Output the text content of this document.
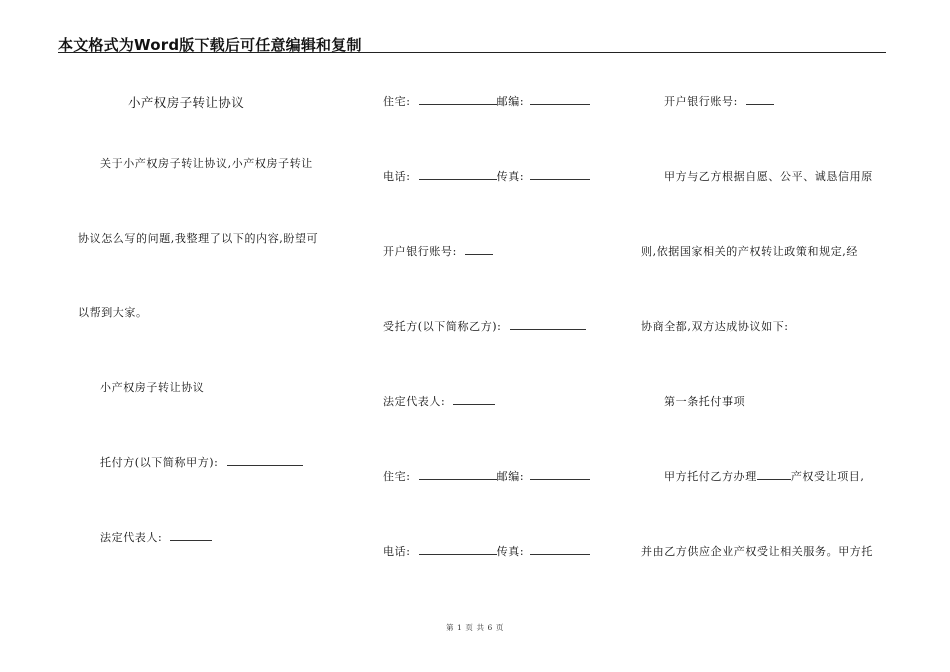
本文格式为Word版下载后可任意编辑和复制
小产权房子转让协议
关于小产权房子转让协议,小产权房子转让
协议怎么写的问题,我整理了以下的内容,盼望可
以帮到大家。
小产权房子转让协议
托付方(以下简称甲方):
法定代表人:
住宅:	邮编:
电话:	传真:
开户银行账号:
受托方(以下简称乙方):
法定代表人:
住宅:	邮编:
电话:	传真:
开户银行账号:
甲方与乙方根据自愿、公平、诚恳信用原
则,依据国家相关的产权转让政策和规定,经
协商全都,双方达成协议如下:
第一条托付事项
甲方托付乙方办理	产权受让项目,
并由乙方供应企业产权受让相关服务。甲方托
第 1 页 共 6 页
